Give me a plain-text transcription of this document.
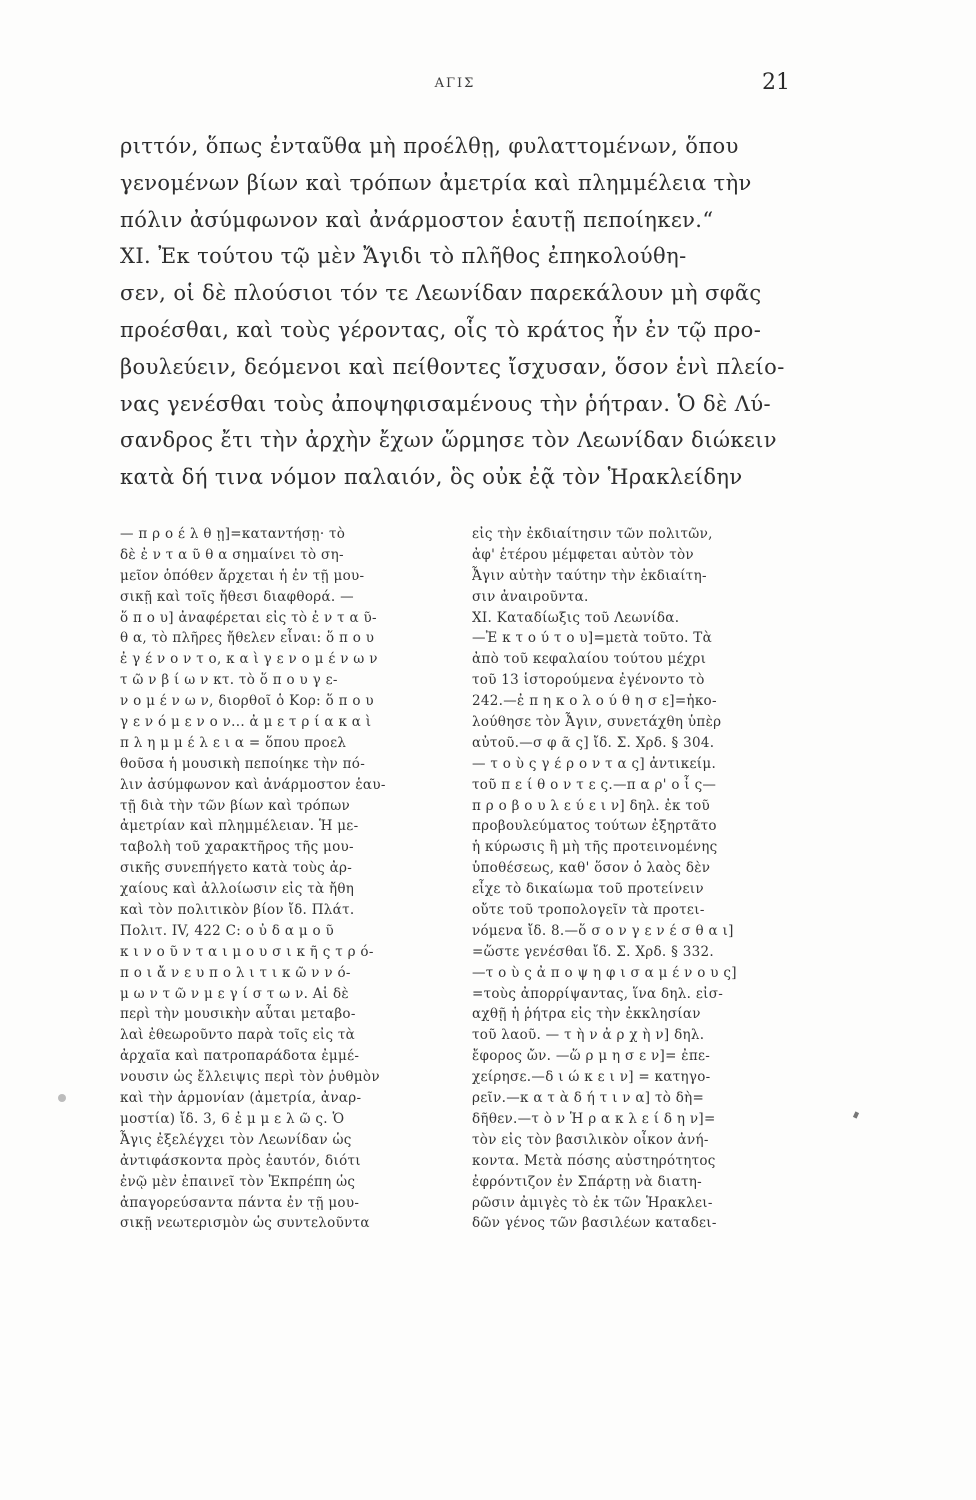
ΑΓΙΣ	21
ριττόν, ὅπως ἐνταῦθα μὴ προέλθῃ, φυλαττομένων, ὅπου
γενομένων βίων καὶ τρόπων ἀμετρία καὶ πλημμέλεια τὴν
πόλιν ἀσύμφωνον καὶ ἀνάρμοστον ἑαυτῇ πεποίηκεν.“
XI. Ἐκ τούτου τῷ μὲν Ἄγιδι τὸ πλῆθος ἐπηκολούθη-
σεν, οἱ δὲ πλούσιοι τόν τε Λεωνίδαν παρεκάλουν μὴ σφᾶς
προέσθαι, καὶ τοὺς γέροντας, οἷς τὸ κράτος ἦν ἐν τῷ προ-
βουλεύειν, δεόμενοι καὶ πείθοντες ἴσχυσαν, ὅσον ἑνὶ πλείο-
νας γενέσθαι τοὺς ἀποψηφισαμένους τὴν ῥήτραν. Ὁ δὲ Λύ-
σανδρος ἔτι τὴν ἀρχὴν ἔχων ὥρμησε τὸν Λεωνίδαν διώκειν
κατὰ δή τινα νόμον παλαιόν, ὃς οὐκ ἐᾷ τὸν Ἡρακλείδην
— π ρ ο έ λ θ ῃ]=καταντήσῃ· τὸ
δὲ ἐ ν τ α ῦ θ α σημαίνει τὸ ση-
μεῖον ὁπόθεν ἄρχεται ἡ ἐν τῇ μου-
σικῇ καὶ τοῖς ἤθεσι διαφθορά. —
ὅ π ο υ] ἀναφέρεται εἰς τὸ ἐ ν τ α ῦ-
θ α, τὸ πλῆρες ἤθελεν εἶναι: ὅ π ο υ
ἐ γ έ ν ο ν τ ο, κ α ὶ γ ε ν ο μ έ ν ω ν
τ ῶ ν β ί ω ν κτ. τὸ ὅ π ο υ γ ε-
ν ο μ έ ν ω ν, διορθοῖ ὁ Κορ: ὅ π ο υ
γ ε ν ό μ ε ν ο ν... ἀ μ ε τ ρ ί α κ α ὶ
π λ η μ μ έ λ ε ι α = ὅπου προελ
θοῦσα ἡ μουσικὴ πεποίηκε τὴν πό-
λιν ἀσύμφωνον καὶ ἀνάρμοστον ἑαυ-
τῇ διὰ τὴν τῶν βίων καὶ τρόπων
ἀμετρίαν καὶ πλημμέλειαν. Ἡ με-
ταβολὴ τοῦ χαρακτῆρος τῆς μου-
σικῆς συνεπήγετο κατὰ τοὺς ἀρ-
χαίους καὶ ἀλλοίωσιν εἰς τὰ ἤθη
καὶ τὸν πολιτικὸν βίον ἴδ. Πλάτ.
Πολιτ. IV, 422 C: ο ὐ δ α μ ο ῦ
κ ι ν ο ῦ ν τ α ι μ ο υ σ ι κ ῆ ς τ ρ ό-
π ο ι ἄ ν ε υ π ο λ ι τ ι κ ῶ ν ν ό-
μ ω ν τ ῶ ν μ ε γ ί σ τ ω ν. Αἱ δὲ
περὶ τὴν μουσικὴν αὗται μεταβο-
λαὶ ἐθεωροῦντο παρὰ τοῖς εἰς τὰ
ἀρχαῖα καὶ πατροπαράδοτα ἐμμέ-
νουσιν ὡς ἔλλειψις περὶ τὸν ῥυθμὸν
καὶ τὴν ἁρμονίαν (ἀμετρία, ἀναρ-
μοστία) ἴδ. 3, 6 ἐ μ μ ε λ ῶ ς. Ὁ
Ἆγις ἐξελέγχει τὸν Λεωνίδαν ὡς
ἀντιφάσκοντα πρὸς ἑαυτόν, διότι
ἐνῷ μὲν ἐπαινεῖ τὸν Ἐκπρέπη ὡς
ἀπαγορεύσαντα πάντα ἐν τῇ μου-
σικῇ νεωτερισμὸν ὡς συντελοῦντα
εἰς τὴν ἐκδιαίτησιν τῶν πολιτῶν,
ἀφ' ἑτέρου μέμφεται αὐτὸν τὸν
Ἆγιν αὐτὴν ταύτην τὴν ἐκδιαίτη-
σιν ἀναιροῦντα.
XI. Καταδίωξις τοῦ Λεωνίδα.
—Ἐ κ τ ο ύ τ ο υ]=μετὰ τοῦτο. Τὰ
ἀπὸ τοῦ κεφαλαίου τούτου μέχρι
τοῦ 13 ἱστορούμενα ἐγένοντο τὸ
242.—ἐ π η κ ο λ ο ύ θ η σ ε]=ἠκο-
λούθησε τὸν Ἆγιν, συνετάχθη ὑπὲρ
αὐτοῦ.—σ φ ᾶ ς] ἴδ. Σ. Χρδ. § 304.
— τ ο ὺ ς γ έ ρ ο ν τ α ς] ἀντικείμ.
τοῦ π ε ί θ ο ν τ ε ς.—π α ρ' ο ἷ ς—
π ρ ο β ο υ λ ε ύ ε ι ν] δηλ. ἐκ τοῦ
προβουλεύματος τούτων ἐξηρτᾶτο
ἡ κύρωσις ἢ μὴ τῆς προτεινομένης
ὑποθέσεως, καθ' ὅσον ὁ λαὸς δὲν
εἶχε τὸ δικαίωμα τοῦ προτείνειν
οὔτε τοῦ τροπολογεῖν τὰ προτει-
νόμενα ἴδ. 8.—ὅ σ ο ν γ ε ν έ σ θ α ι]
=ὥστε γενέσθαι ἴδ. Σ. Χρδ. § 332.
—τ ο ὺ ς ἀ π ο ψ η φ ι σ α μ έ ν ο υ ς]
=τοὺς ἀπορρίψαντας, ἵνα δηλ. εἰσ-
αχθῇ ἡ ῥήτρα εἰς τὴν ἐκκλησίαν
τοῦ λαοῦ. — τ ὴ ν ἀ ρ χ ὴ ν] δηλ.
ἔφορος ὤν. —ὥ ρ μ η σ ε ν]= ἐπε-
χείρησε.—δ ι ώ κ ε ι ν] = κατηγο-
ρεῖν.—κ α τ ὰ δ ή τ ι ν α] τὸ δὴ=
δῆθεν.—τ ὸ ν Ἡ ρ α κ λ ε ί δ η ν]=
τὸν εἰς τὸν βασιλικὸν οἶκον ἀνή-
κοντα. Μετὰ πόσης αὐστηρότητος
ἐφρόντιζον ἐν Σπάρτῃ νὰ διατη-
ρῶσιν ἀμιγὲς τὸ ἐκ τῶν Ἡρακλει-
δῶν γένος τῶν βασιλέων καταδει-
